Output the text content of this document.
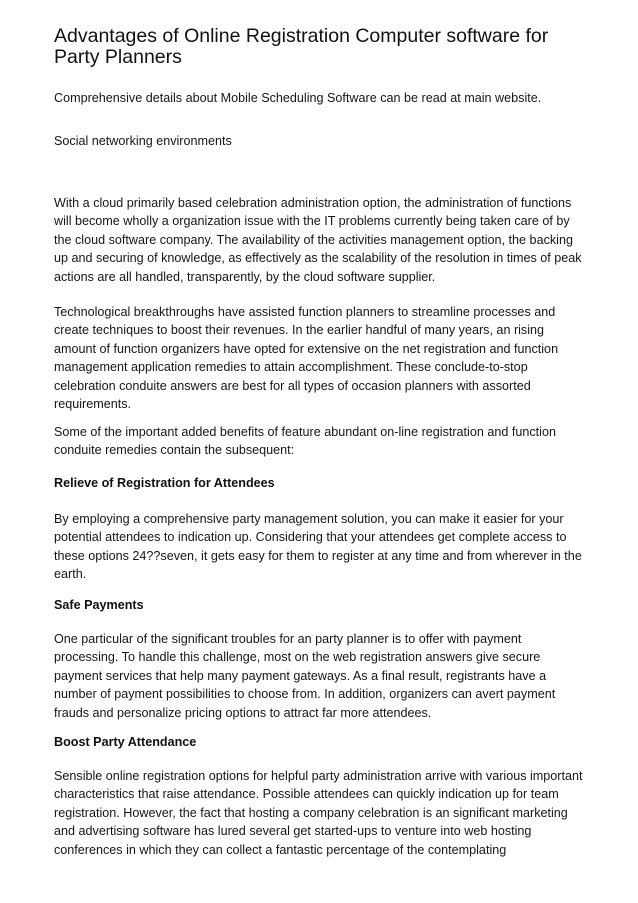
Advantages of Online Registration Computer software for Party Planners

Comprehensive details about Mobile Scheduling Software can be read at main website.

Social networking environments

With a cloud primarily based celebration administration option, the administration of functions will become wholly a organization issue with the IT problems currently being taken care of by the cloud software company. The availability of the activities management option, the backing up and securing of knowledge, as effectively as the scalability of the resolution in times of peak actions are all handled, transparently, by the cloud software supplier.

Technological breakthroughs have assisted function planners to streamline processes and create techniques to boost their revenues. In the earlier handful of many years, an rising amount of function organizers have opted for extensive on the net registration and function management application remedies to attain accomplishment. These conclude-to-stop celebration conduite answers are best for all types of occasion planners with assorted requirements.

Some of the important added benefits of feature abundant on-line registration and function conduite remedies contain the subsequent:

Relieve of Registration for Attendees

By employing a comprehensive party management solution, you can make it easier for your potential attendees to indication up. Considering that your attendees get complete access to these options 24??seven, it gets easy for them to register at any time and from wherever in the earth.

Safe Payments

One particular of the significant troubles for an party planner is to offer with payment processing. To handle this challenge, most on the web registration answers give secure payment services that help many payment gateways. As a final result, registrants have a number of payment possibilities to choose from. In addition, organizers can avert payment frauds and personalize pricing options to attract far more attendees.

Boost Party Attendance

Sensible online registration options for helpful party administration arrive with various important characteristics that raise attendance. Possible attendees can quickly indication up for team registration. However, the fact that hosting a company celebration is an significant marketing and advertising software has lured several get started-ups to venture into web hosting conferences in which they can collect a fantastic percentage of the contemplating
